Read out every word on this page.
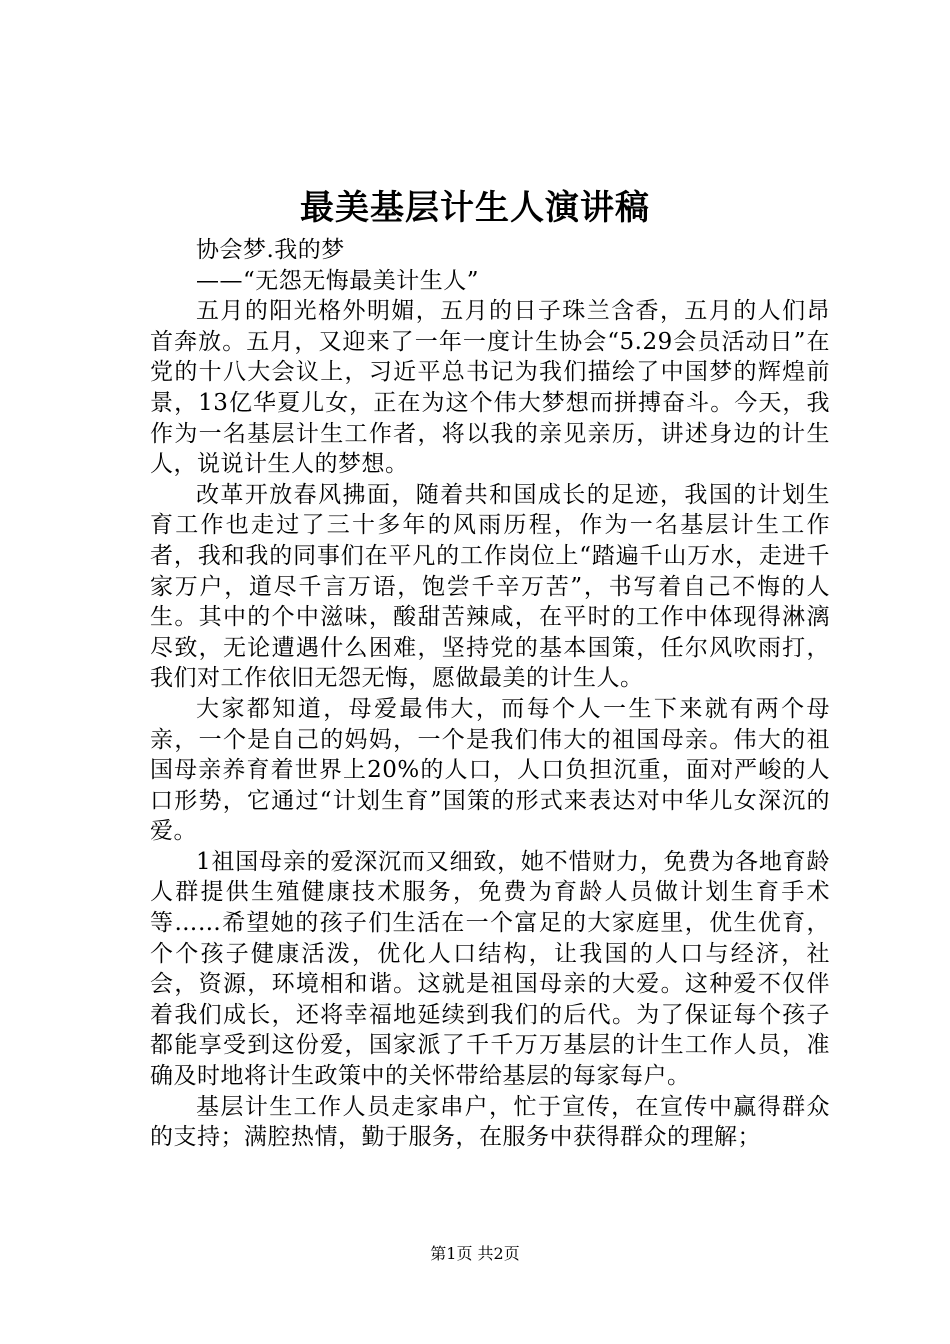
最美基层计生人演讲稿

协会梦.我的梦

——“无怨无悔最美计生人”

五月的阳光格外明媚，五月的日子珠兰含香，五月的人们昂首奔放。五月，又迎来了一年一度计生协会“5.29会员活动日”在党的十八大会议上，习近平总书记为我们描绘了中国梦的辉煌前景，13亿华夏儿女，正在为这个伟大梦想而拼搏奋斗。今天，我作为一名基层计生工作者，将以我的亲见亲历，讲述身边的计生人，说说计生人的梦想。

改革开放春风拂面，随着共和国成长的足迹，我国的计划生育工作也走过了三十多年的风雨历程，作为一名基层计生工作者，我和我的同事们在平凡的工作岗位上“踏遍千山万水，走进千家万户，道尽千言万语，饱尝千辛万苦”，书写着自己不悔的人生。其中的个中滋味，酸甜苦辣咸，在平时的工作中体现得淋漓尽致，无论遭遇什么困难，坚持党的基本国策，任尔风吹雨打，我们对工作依旧无怨无悔，愿做最美的计生人。

大家都知道，母爱最伟大，而每个人一生下来就有两个母亲，一个是自己的妈妈，一个是我们伟大的祖国母亲。伟大的祖国母亲养育着世界上20%的人口，人口负担沉重，面对严峻的人口形势，它通过“计划生育”国策的形式来表达对中华儿女深沉的爱。

1祖国母亲的爱深沉而又细致，她不惜财力，免费为各地育龄人群提供生殖健康技术服务，免费为育龄人员做计划生育手术等……希望她的孩子们生活在一个富足的大家庭里，优生优育，个个孩子健康活泼，优化人口结构，让我国的人口与经济，社会，资源，环境相和谐。这就是祖国母亲的大爱。这种爱不仅伴着我们成长，还将幸福地延续到我们的后代。为了保证每个孩子都能享受到这份爱，国家派了千千万万基层的计生工作人员，准确及时地将计生政策中的关怀带给基层的每家每户。

基层计生工作人员走家串户，忙于宣传，在宣传中赢得群众的支持；满腔热情，勤于服务，在服务中获得群众的理解；

第1页 共2页
